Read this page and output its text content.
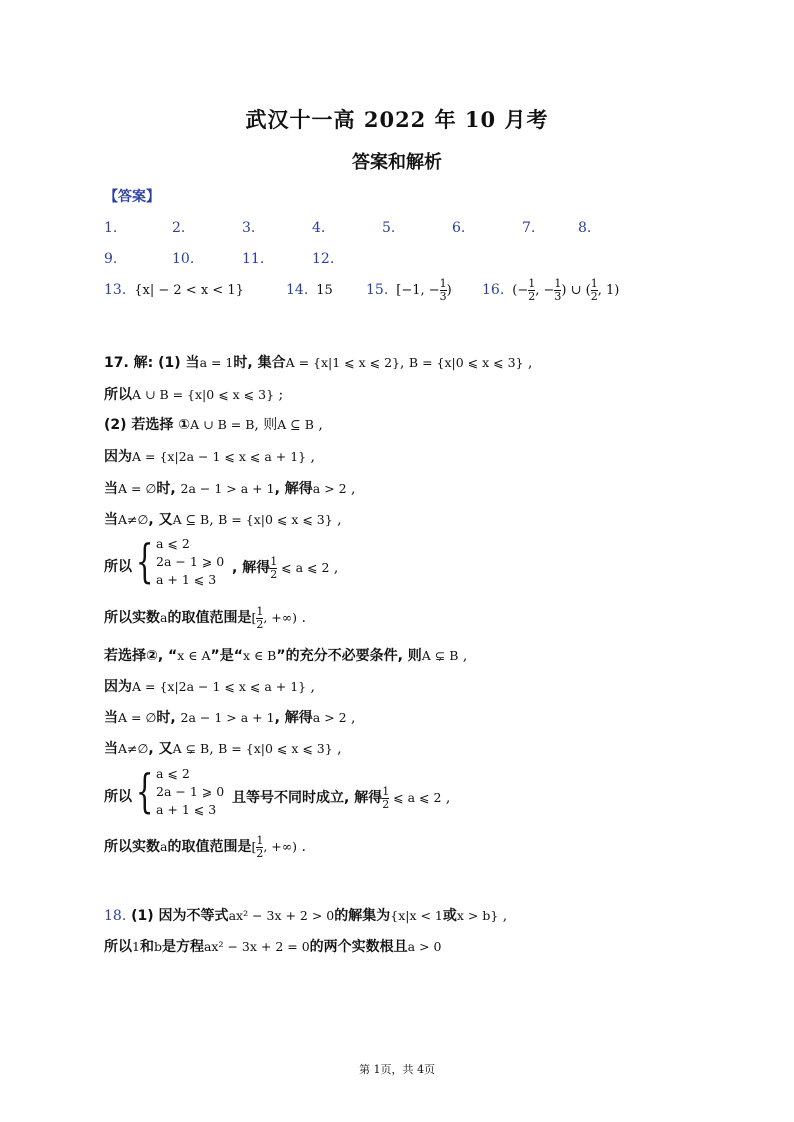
武汉十一高 2022 年 10 月考
答案和解析
【答案】
1.	2.	3.	4.	5.	6.	7.	8.
9.	10.	11.	12.
13. {x| − 2 < x < 1}	14. 15 15. [−1, − $\frac{1}{3}$ ) 16. (− $\frac{1}{2}$ , − $\frac{1}{3}$ ) ∪ ( $\frac{1}{2}$ , 1)
17. 解: (1) 当a = 1时, 集合A = {x|1 ⩽ x ⩽ 2}, B = {x|0 ⩽ x ⩽ 3} ,
所以A ∪ B = {x|0 ⩽ x ⩽ 3} ;
(2) 若选择 ①A ∪ B = B, 则A ⊆ B ,
因为A = {x|2a − 1 ⩽ x ⩽ a + 1} ,
当A = ∅时, 2a − 1 > a + 1, 解得a > 2 ,
当A≠∅, 又A ⊆ B, B = {x|0 ⩽ x ⩽ 3} ,
所以 { a ⩽ 2
2a − 1 ⩾ 0
a + 1 ⩽ 3
, 解得 $\frac{1}{2}$ ⩽ a ⩽ 2 ,
所以实数a的取值范围是[ $\frac{1}{2}$ , +∞) .
若选择②, “x ∈ A”是“x ∈ B”的充分不必要条件, 则A ⊊ B ,
因为A = {x|2a − 1 ⩽ x ⩽ a + 1} ,
当A = ∅时, 2a − 1 > a + 1, 解得a > 2 ,
当A≠∅, 又A ⊊ B, B = {x|0 ⩽ x ⩽ 3} ,
所以 { a ⩽ 2
2a − 1 ⩾ 0
a + 1 ⩽ 3
且等号不同时成立, 解得 $\frac{1}{2}$ ⩽ a ⩽ 2 ,
所以实数a的取值范围是[ $\frac{1}{2}$ , +∞) .
18. (1) 因为不等式ax² − 3x + 2 > 0的解集为{x|x < 1或x > b} ,
所以1和b是方程ax² − 3x + 2 = 0的两个实数根且a > 0
第 1页，共 4页
